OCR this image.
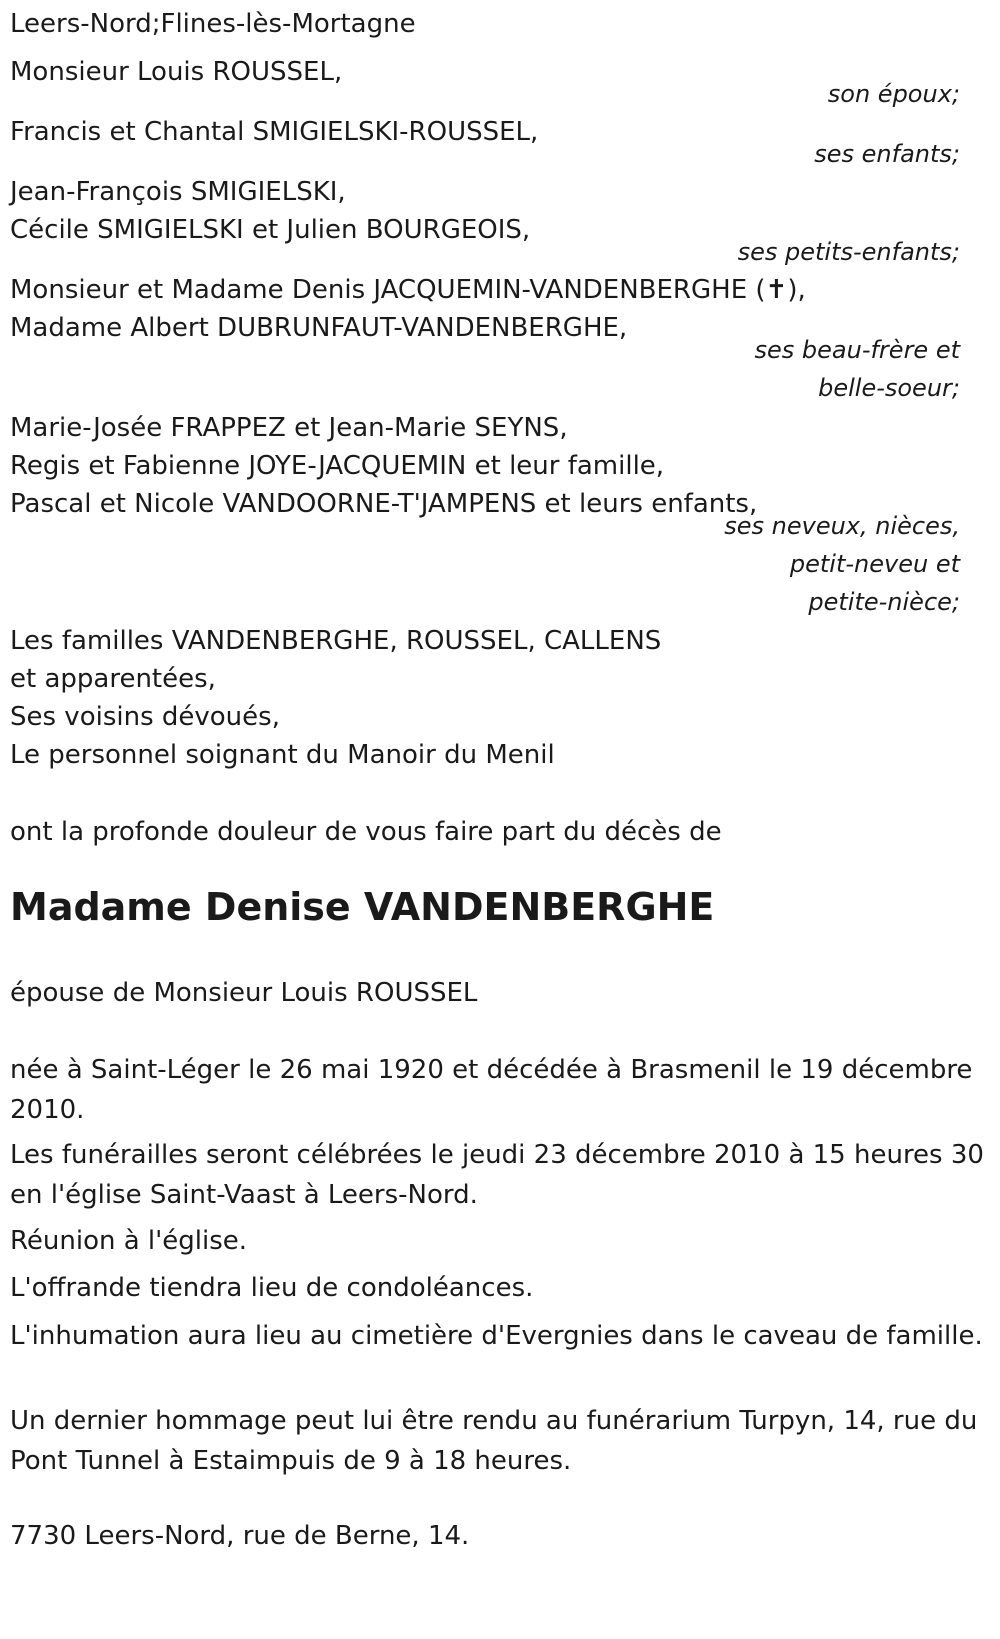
Leers-Nord;Flines-lès-Mortagne
Monsieur Louis ROUSSEL,
son époux;
Francis et Chantal SMIGIELSKI-ROUSSEL,
ses enfants;
Jean-François SMIGIELSKI,
Cécile SMIGIELSKI et Julien BOURGEOIS,
ses petits-enfants;
Monsieur et Madame Denis JACQUEMIN-VANDENBERGHE (✝),
Madame Albert DUBRUNFAUT-VANDENBERGHE,
ses beau-frère et
belle-soeur;
Marie-Josée FRAPPEZ et Jean-Marie SEYNS,
Regis et Fabienne JOYE-JACQUEMIN et leur famille,
Pascal et Nicole VANDOORNE-T'JAMPENS et leurs enfants,
ses neveux, nièces,
petit-neveu et
petite-nièce;
Les familles VANDENBERGHE, ROUSSEL, CALLENS
et apparentées,
Ses voisins dévoués,
Le personnel soignant du Manoir du Menil
ont la profonde douleur de vous faire part du décès de
Madame Denise VANDENBERGHE
épouse de Monsieur Louis ROUSSEL

née à Saint-Léger le 26 mai 1920 et décédée à Brasmenil le 19 décembre 2010.

Les funérailles seront célébrées le jeudi 23 décembre 2010 à 15 heures 30 en l'église Saint-Vaast à Leers-Nord.

Réunion à l'église.

L'offrande tiendra lieu de condoléances.

L'inhumation aura lieu au cimetière d'Evergnies dans le caveau de famille.

Un dernier hommage peut lui être rendu au funérarium Turpyn, 14, rue du Pont Tunnel à Estaimpuis de 9 à 18 heures.

7730 Leers-Nord, rue de Berne, 14.
